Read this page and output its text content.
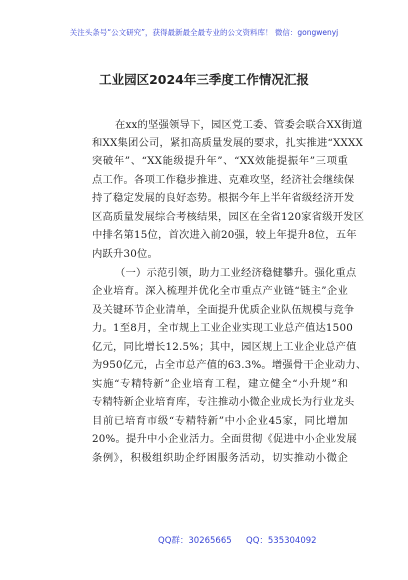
关注头条号“公文研究”，获得最新最全最专业的公文资料库！ 微信：gongwenyj
工业园区2024年三季度工作情况汇报
在xx的坚强领导下，园区党工委、管委会联合XX街道
和XX集团公司，紧扣高质量发展的要求，扎实推进“XXXX
突破年”、“XX能级提升年”、“XX效能提振年”三项重
点工作。各项工作稳步推进、克难攻坚，经济社会继续保
持了稳定发展的良好态势。根据今年上半年省级经济开发
区高质量发展综合考核结果，园区在全省120家省级开发区
中排名第15位，首次进入前20强，较上年提升8位，五年
内跃升30位。
（一）示范引领，助力工业经济稳健攀升。强化重点
企业培育。深入梳理并优化全市重点产业链“链主”企业
及关键环节企业清单，全面提升优质企业队伍规模与竞争
力。1至8月，全市规上工业企业实现工业总产值达1500
亿元，同比增长12.5%；其中，园区规上工业企业总产值
为950亿元，占全市总产值的63.3%。增强骨干企业动力、
实施“专精特新”企业培育工程，建立健全“小升规”和
专精特新企业培育库，专注推动小微企业成长为行业龙头
目前已培育市级“专精特新”中小企业45家，同比增加
20%。提升中小企业活力。全面贯彻《促进中小企业发展
条例》，积极组织助企纾困服务活动，切实推动小微企
QQ群：30265665 QQ：535304092
